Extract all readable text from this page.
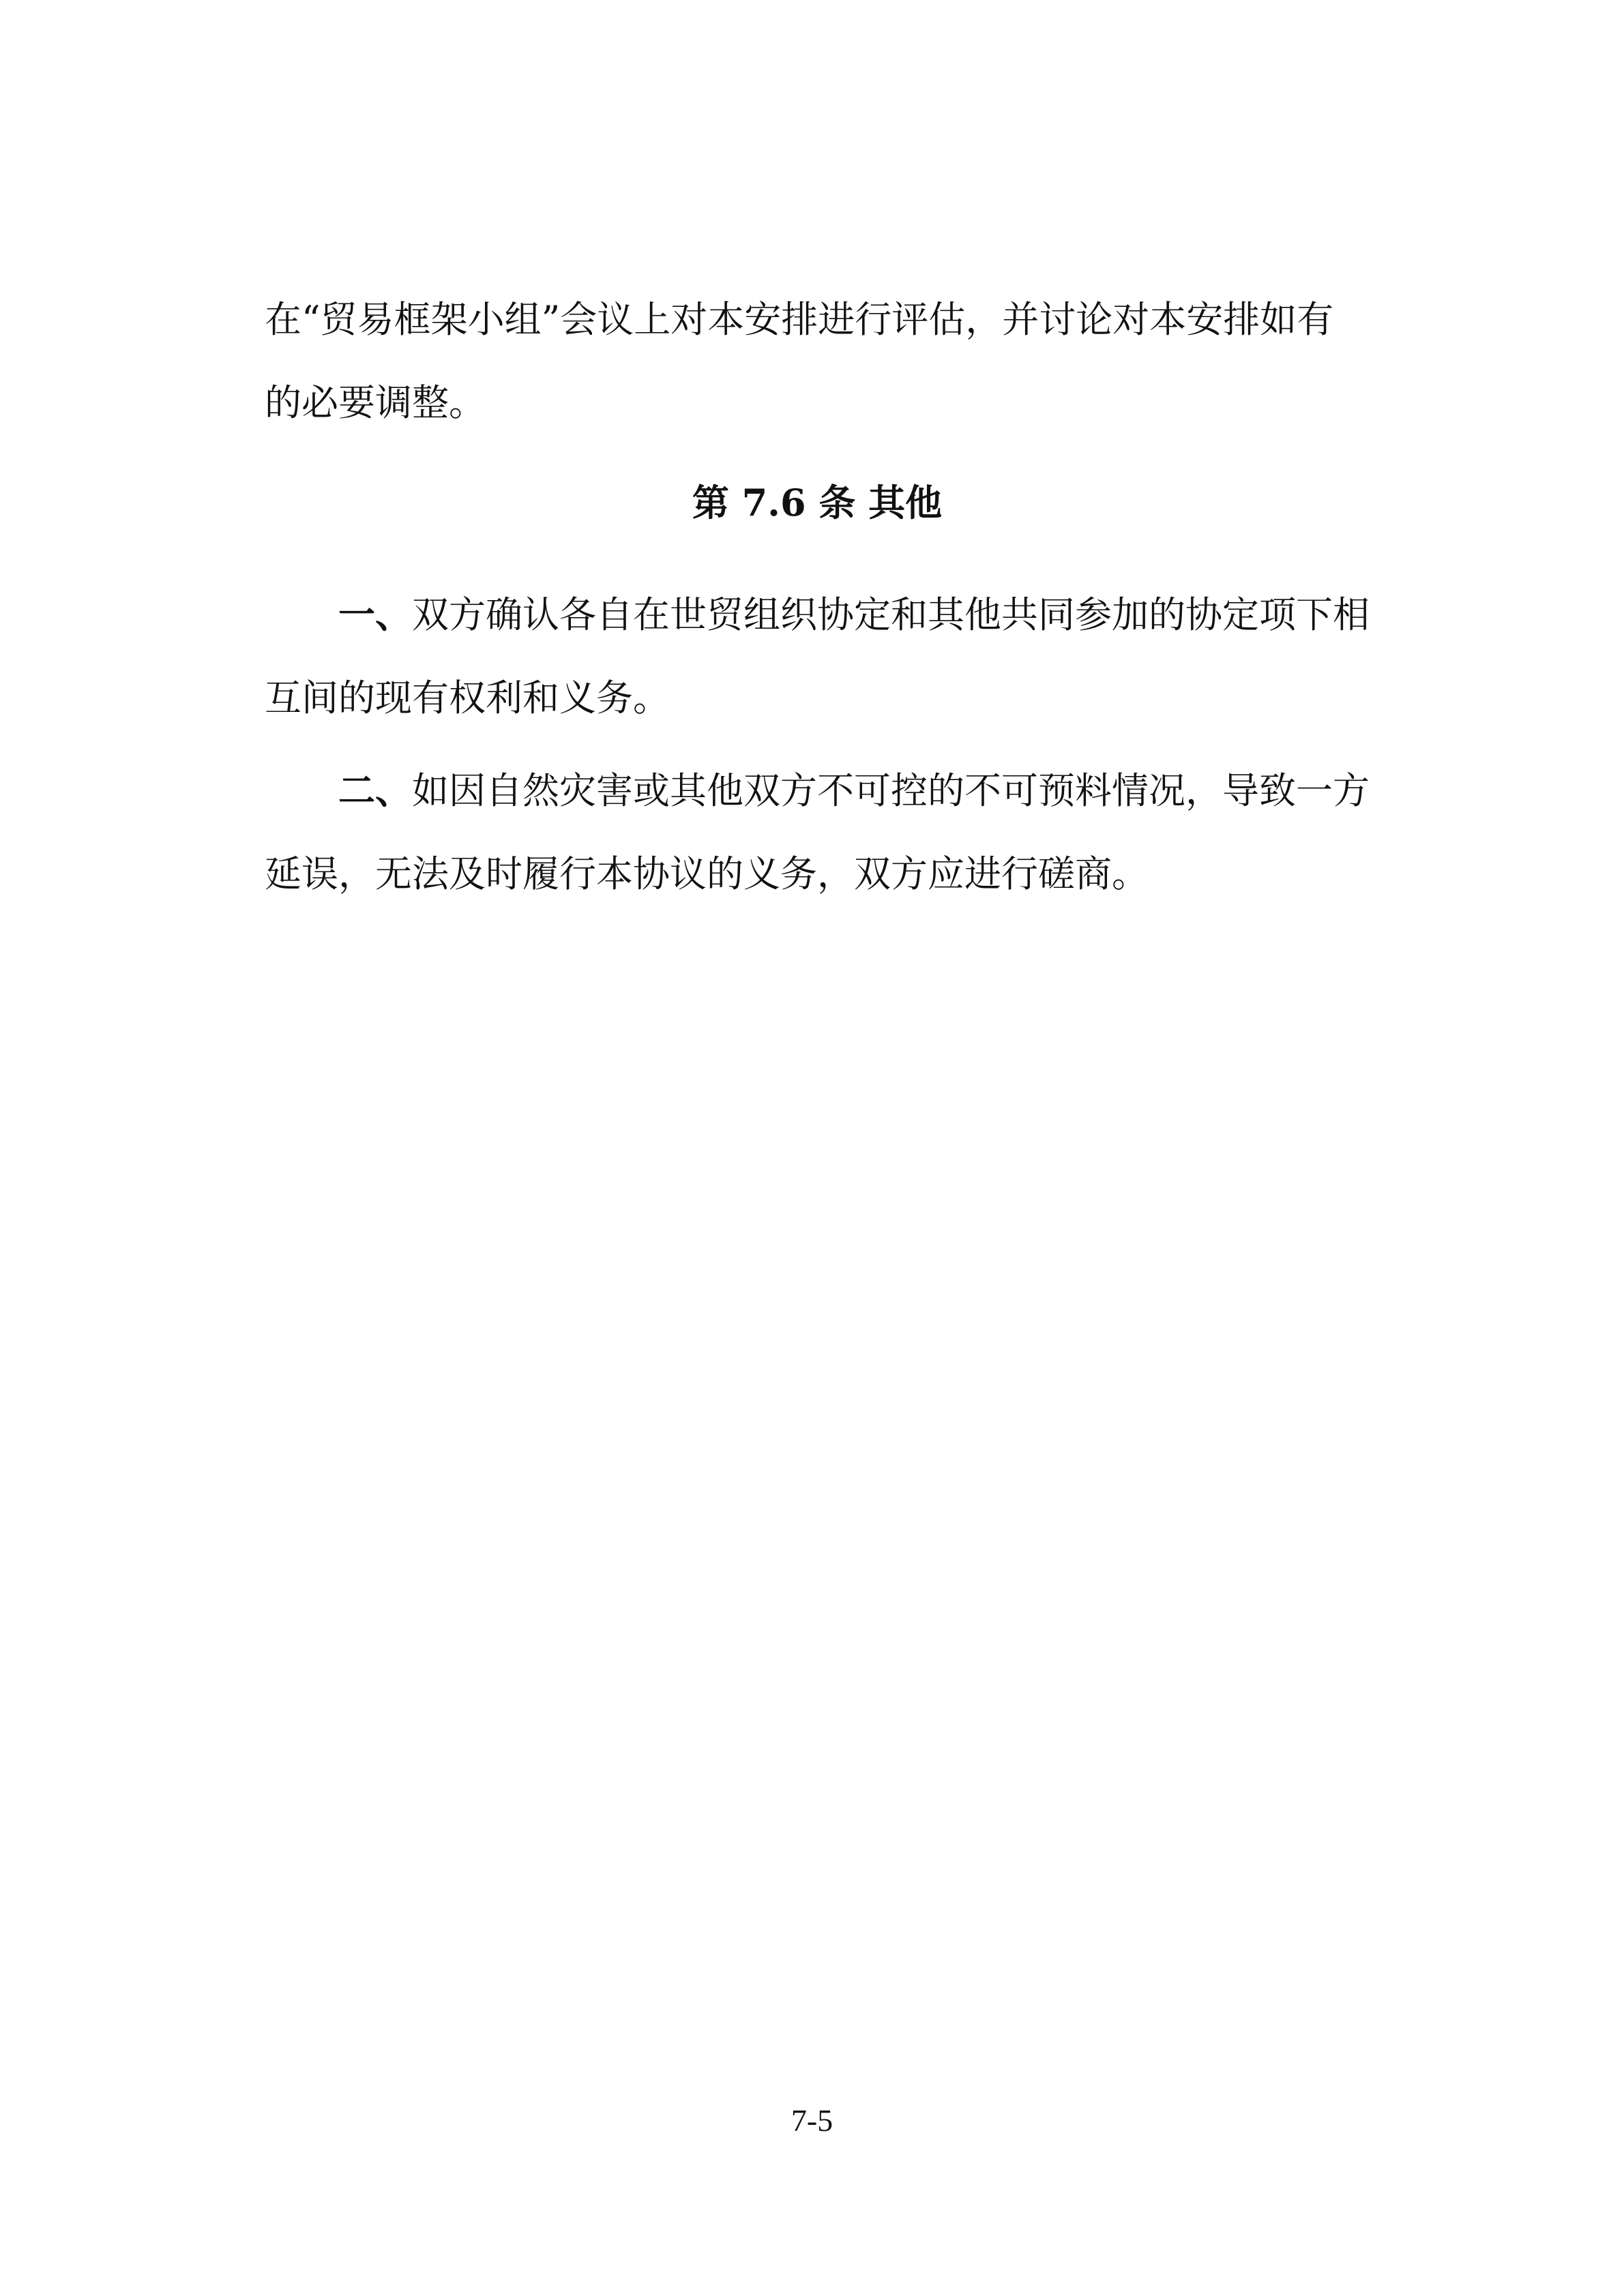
在“贸易框架小组”会议上对本安排进行评估，并讨论对本安排如有的必要调整。

第 7.6 条 其他

一、双方确认各自在世贸组织协定和其他共同参加的协定项下相互间的现有权利和义务。

二、如因自然灾害或其他双方不可控的不可预料情况，导致一方延误，无法及时履行本协议的义务，双方应进行磋商。

7-5
